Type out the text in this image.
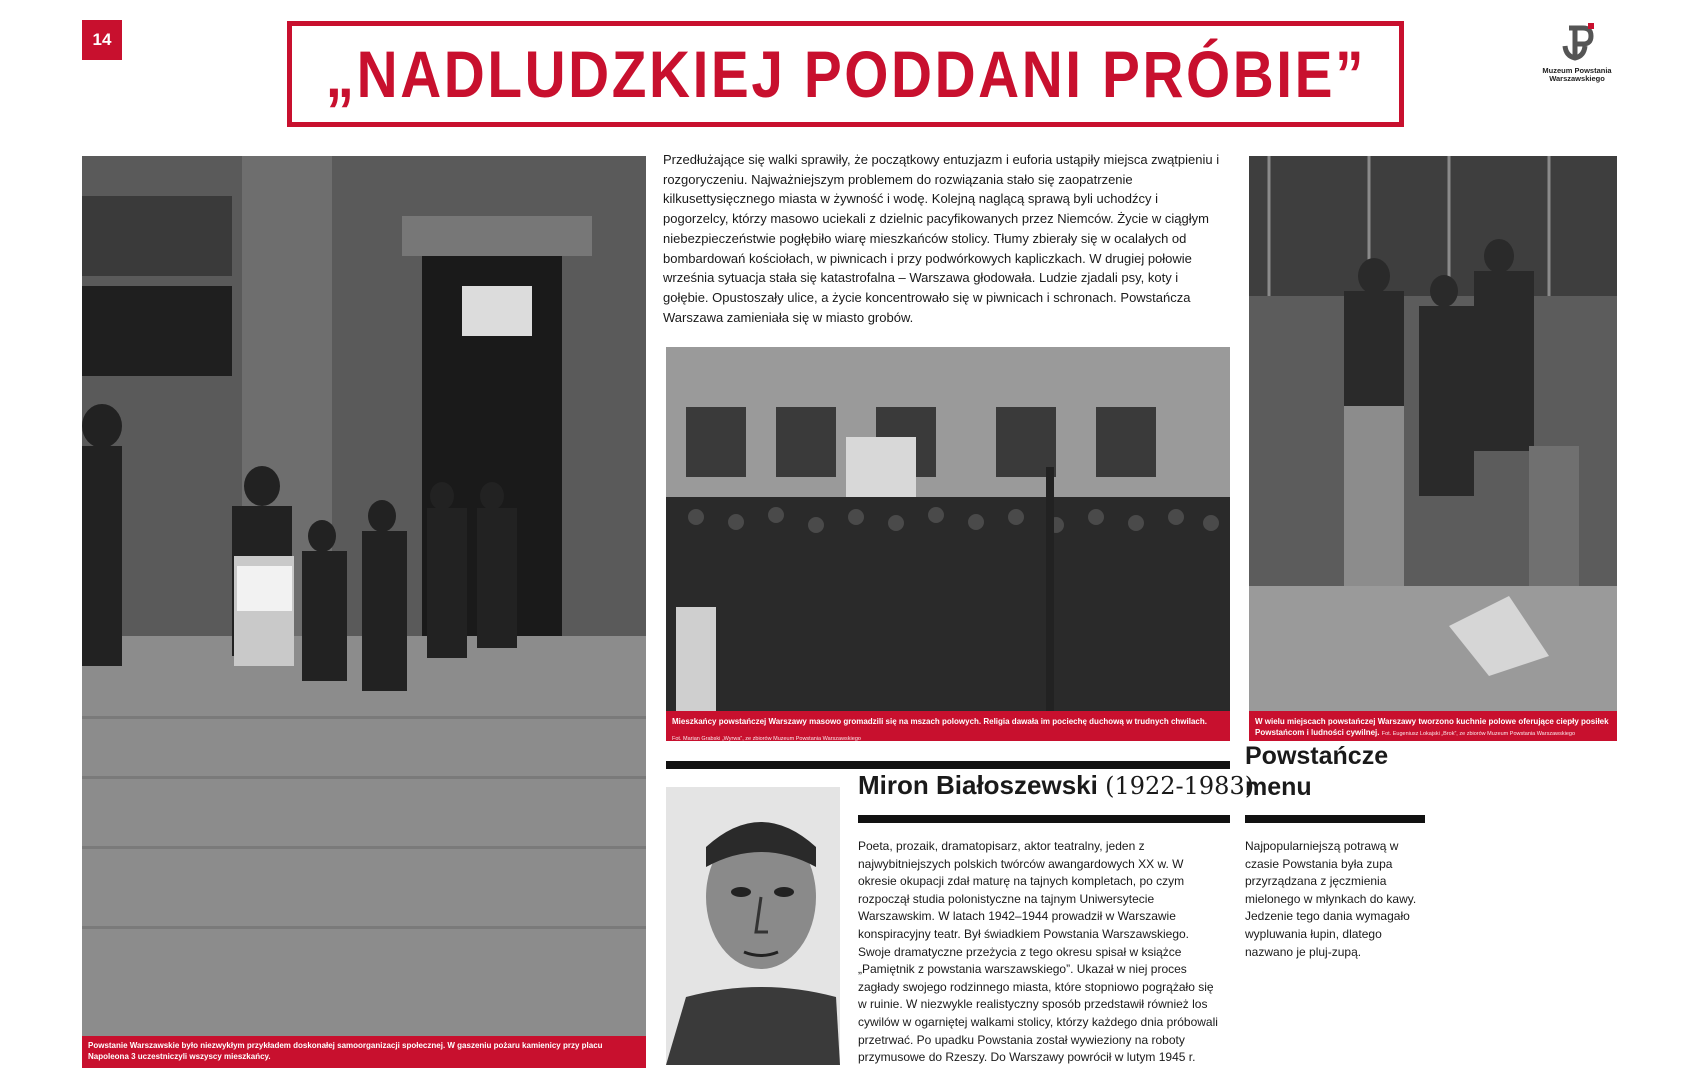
14	„NADLUDZKIEJ PODDANI PRÓBIE”	Muzeum Powstania Warszawskiego
Powstanie Warszawskie było niezwykłym przykładem doskonałej samoorganizacji społecznej. W gaszeniu pożaru kamienicy przy placu Napoleona 3 uczestniczyli wszyscy mieszkańcy.
Fot. Eugeniusz Lokajski „Brok”, ze zbiorów Muzeum Powstania Warszawskiego
Przedłużające się walki sprawiły, że początkowy entuzjazm i euforia ustąpiły miejsca zwątpieniu i rozgoryczeniu. Najważniejszym problemem do rozwiązania stało się zaopatrzenie kilkusettysięcznego miasta w żywność i wodę. Kolejną naglącą sprawą byli uchodźcy i pogorzelcy, którzy masowo uciekali z dzielnic pacyfikowanych przez Niemców. Życie w ciągłym niebezpieczeństwie pogłębiło wiarę mieszkańców stolicy. Tłumy zbierały się w ocalałych od bombardowań kościołach, w piwnicach i przy podwórkowych kapliczkach. W drugiej połowie września sytuacja stała się katastrofalna – Warszawa głodowała. Ludzie zjadali psy, koty i gołębie. Opustoszały ulice, a życie koncentrowało się w piwnicach i schronach. Powstańcza Warszawa zamieniała się w miasto grobów.
Mieszkańcy powstańczej Warszawy masowo gromadzili się na mszach polowych. Religia dawała im pociechę duchową w trudnych chwilach.
Fot. Marian Grabski „Wyrwa”, ze zbiorów Muzeum Powstania Warszawskiego
W wielu miejscach powstańczej Warszawy tworzono kuchnie polowe oferujące ciepły posiłek Powstańcom i ludności cywilnej. Fot. Eugeniusz Lokajski „Brok”, ze zbiorów Muzeum Powstania Warszawskiego
Miron Białoszewski (1922-1983)
Poeta, prozaik, dramatopisarz, aktor teatralny, jeden z najwybitniejszych polskich twórców awangardowych XX w. W okresie okupacji zdał maturę na tajnych kompletach, po czym rozpoczął studia polonistyczne na tajnym Uniwersytecie Warszawskim. W latach 1942–1944 prowadził w Warszawie konspiracyjny teatr. Był świadkiem Powstania Warszawskiego. Swoje dramatyczne przeżycia z tego okresu spisał w książce „Pamiętnik z powstania warszawskiego”. Ukazał w niej proces zagłady swojego rodzinnego miasta, które stopniowo pogrążało się w ruinie. W niezwykle realistyczny sposób przedstawił również los cywilów w ogarniętej walkami stolicy, którzy każdego dnia próbowali przetrwać. Po upadku Powstania został wywieziony na roboty przymusowe do Rzeszy. Do Warszawy powrócił w lutym 1945 r.
Powstańcze
menu
Najpopularniejszą potrawą w czasie Powstania była zupa przyrządzana z jęczmienia mielonego w młynkach do kawy. Jedzenie tego dania wymagało wypluwania łupin, dlatego nazwano je pluj-zupą.
